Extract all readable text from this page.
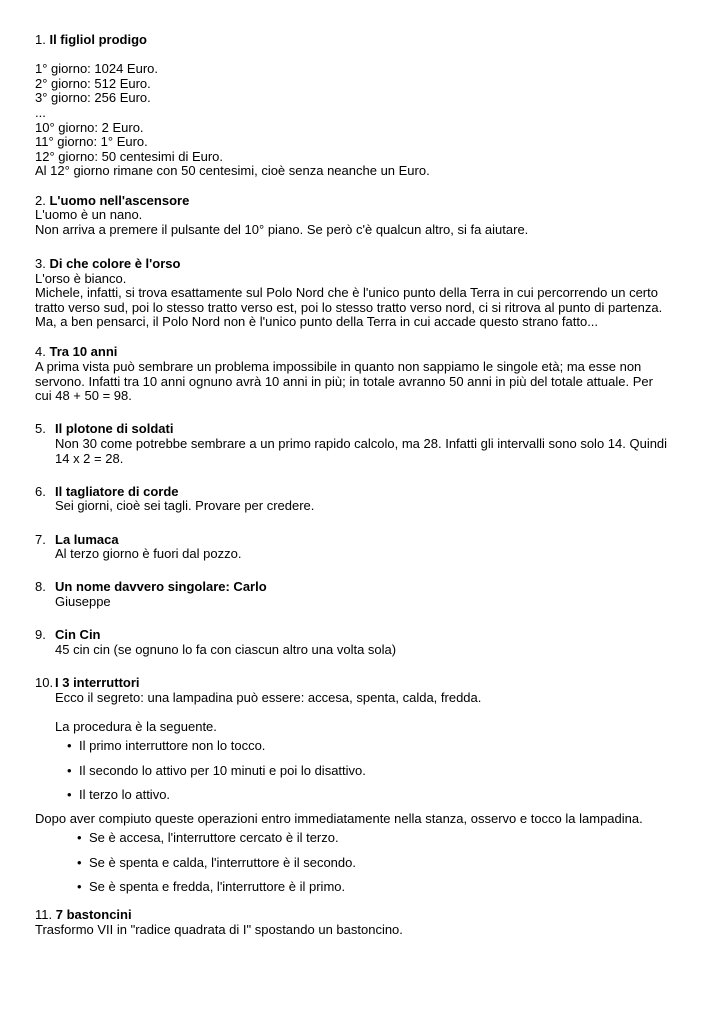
1. Il figliol prodigo
1° giorno: 1024 Euro.
2° giorno: 512 Euro.
3° giorno: 256 Euro.
...
10° giorno: 2 Euro.
11° giorno: 1° Euro.
12° giorno: 50 centesimi di Euro.
Al 12° giorno rimane con 50 centesimi, cioè senza neanche un Euro.
2. L'uomo nell'ascensore
L'uomo è un nano.
Non arriva a premere il pulsante del 10° piano. Se però c'è qualcun altro, si fa aiutare.
3. Di che colore è l'orso
L'orso è bianco.
Michele, infatti, si trova esattamente sul Polo Nord che è l'unico punto della Terra in cui percorrendo un certo
tratto verso sud, poi lo stesso tratto verso est, poi lo stesso tratto verso nord, ci si ritrova al punto di partenza.
Ma, a ben pensarci, il Polo Nord non è l'unico punto della Terra in cui accade questo strano fatto...
4. Tra 10 anni
A prima vista può sembrare un problema impossibile in quanto non sappiamo le singole età; ma esse non
servono. Infatti tra 10 anni ognuno avrà 10 anni in più; in totale avranno 50 anni in più del totale attuale. Per
cui 48 + 50 = 98.
5. Il plotone di soldati
Non 30 come potrebbe sembrare a un primo rapido calcolo, ma 28. Infatti gli intervalli sono solo 14. Quindi
14 x 2 = 28.
6. Il tagliatore di corde
Sei giorni, cioè sei tagli. Provare per credere.
7. La lumaca
Al terzo giorno è fuori dal pozzo.
8. Un nome davvero singolare: Carlo
Giuseppe
9. Cin Cin
45 cin cin (se ognuno lo fa con ciascun altro una volta sola)
10. I 3 interruttori
Ecco il segreto: una lampadina può essere: accesa, spenta, calda, fredda.
La procedura è la seguente.
• Il primo interruttore non lo tocco.
• Il secondo lo attivo per 10 minuti e poi lo disattivo.
• Il terzo lo attivo.
Dopo aver compiuto queste operazioni entro immediatamente nella stanza, osservo e tocco la lampadina.
• Se è accesa, l'interruttore cercato è il terzo.
• Se è spenta e calda, l'interruttore è il secondo.
• Se è spenta e fredda, l'interruttore è il primo.
11. 7 bastoncini
Trasformo VII in "radice quadrata di I" spostando un bastoncino.
